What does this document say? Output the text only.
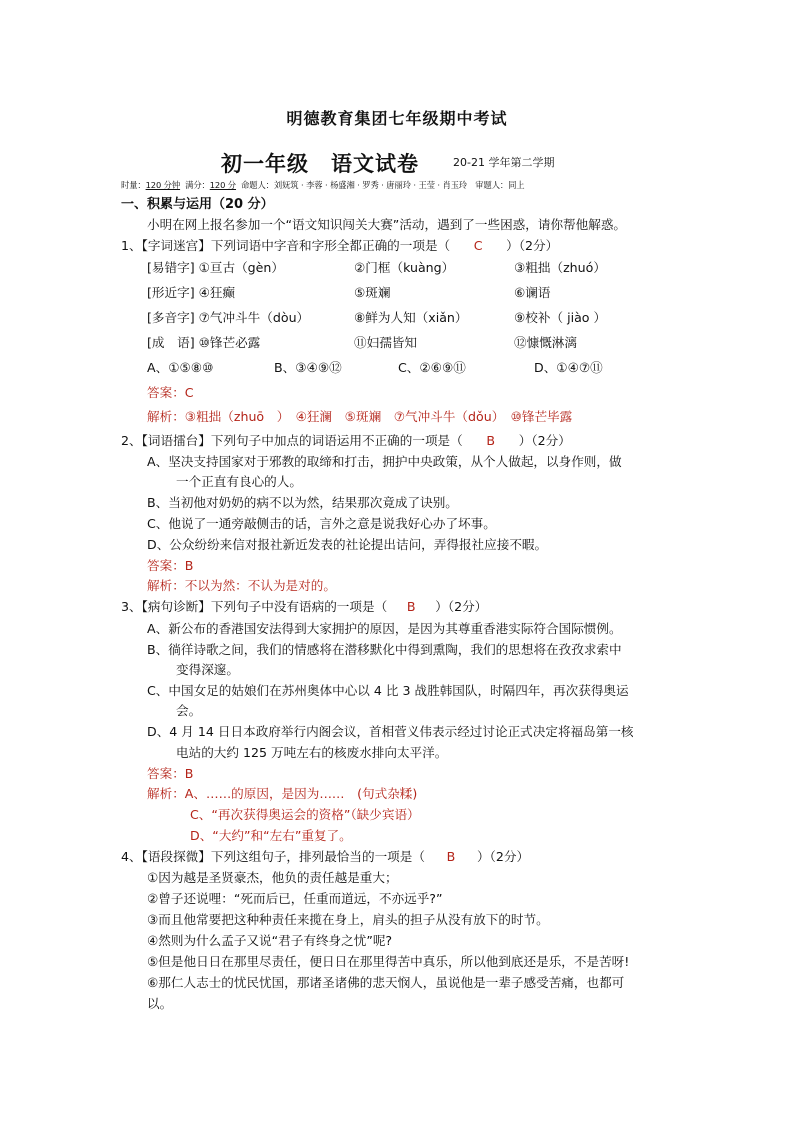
明德教育集团七年级期中考试
初一年级　语文试卷	20-21 学年第二学期
时量：120 分钟 满分：120 分 命题人：刘妩筑 · 李蓉 · 杨盛湘 · 罗秀 · 唐丽玲 · 王莹 · 肖玉玲　审题人：同上
一、积累与运用（20 分）
小明在网上报名参加一个“语文知识闯关大赛”活动，遇到了一些困惑，请你帮他解惑。
1、【字词迷宫】下列词语中字音和字形全都正确的一项是（ C ）（2分）
[易错字] ①亘古（gèn）	②门框（kuàng）	③粗拙（zhuó）
[形近字] ④狂癫	⑤斑斓	⑥谰语
[多音字] ⑦气冲斗牛（dòu）	⑧鲜为人知（xiǎn）	⑨校补（ jiào ）
[成　语] ⑩锋芒必露	⑪妇孺皆知	⑫慷慨淋漓
A、①⑤⑧⑩	B、③④⑨⑫	C、②⑥⑨⑪	D、①④⑦⑪
答案：C
解析：③粗拙（zhuō　）　④狂澜　⑤斑斓　⑦气冲斗牛（dǒu）　⑩锋芒毕露
2、【词语擂台】下列句子中加点的词语运用不正确的一项是（ B ）（2分）
A、坚决支持国家对于邪教的取缔和打击，拥护中央政策，从个人做起，以身作则，做
一个正直有良心的人。
B、当初他对奶奶的病不以为然，结果那次竟成了诀别。
C、他说了一通旁敲侧击的话，言外之意是说我好心办了坏事。
D、公众纷纷来信对报社新近发表的社论提出诘问，弄得报社应接不暇。
答案：B
解析：不以为然：不认为是对的。
3、【病句诊断】下列句子中没有语病的一项是（ B ）（2分）
A、新公布的香港国安法得到大家拥护的原因，是因为其尊重香港实际符合国际惯例。
B、徜徉诗歌之间，我们的情感将在潜移默化中得到熏陶，我们的思想将在孜孜求索中
变得深邃。
C、中国女足的姑娘们在苏州奥体中心以 4 比 3 战胜韩国队，时隔四年，再次获得奥运
会。
D、4 月 14 日日本政府举行内阁会议，首相菅义伟表示经过讨论正式决定将福岛第一核
电站的大约 125 万吨左右的核废水排向太平洋。
答案：B
解析：A、……的原因，是因为……　(句式杂糅)
C、“再次获得奥运会的资格”（缺少宾语）
D、“大约”和“左右”重复了。
4、【语段探微】下列这组句子，排列最恰当的一项是（ B ）（2分）
①因为越是圣贤豪杰，他负的责任越是重大；
②曾子还说哩：“死而后已，任重而道远，不亦远乎?”
③而且他常要把这种种责任来揽在身上，肩头的担子从没有放下的时节。
④然则为什么孟子又说“君子有终身之忧”呢?
⑤但是他日日在那里尽责任，便日日在那里得苦中真乐，所以他到底还是乐，不是苦呀!
⑥那仁人志士的忧民忧国，那诸圣诸佛的悲天悯人，虽说他是一辈子感受苦痛，也都可
以。
